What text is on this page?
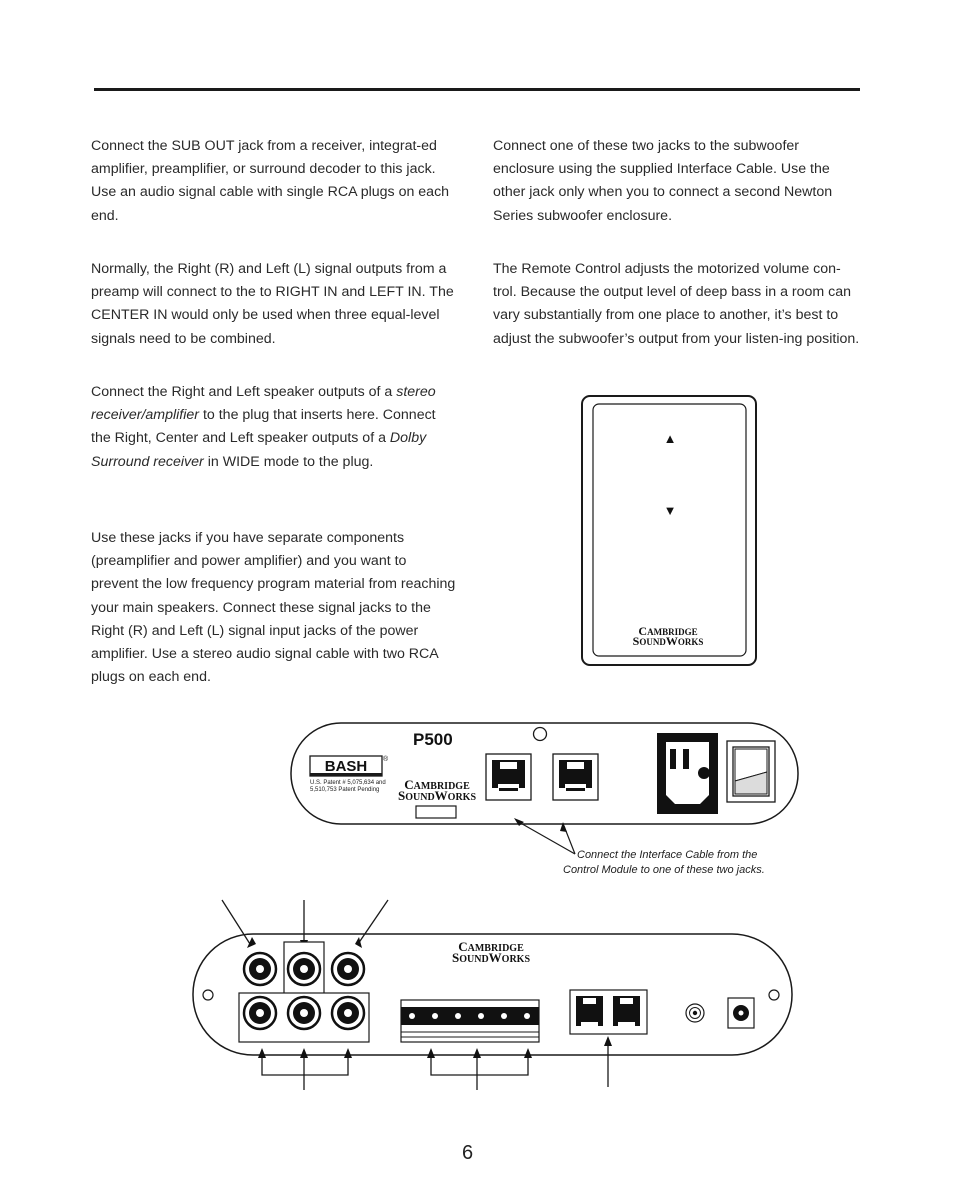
Connect the SUB OUT jack from a receiver, integrat-ed amplifier, preamplifier, or surround decoder to this jack. Use an audio signal cable with single RCA plugs on each end.

Normally, the Right (R) and Left (L) signal outputs from a preamp will connect to the to RIGHT IN and LEFT IN. The CENTER IN would only be used when three equal-level signals need to be combined.

Connect the Right and Left speaker outputs of a stereo receiver/amplifier to the plug that inserts here. Connect the Right, Center and Left speaker outputs of a Dolby Surround receiver in WIDE mode to the plug.

Use these jacks if you have separate components (preamplifier and power amplifier) and you want to prevent the low frequency program material from reaching your main speakers. Connect these signal jacks to the Right (R) and Left (L) signal input jacks of the power amplifier. Use a stereo audio signal cable with two RCA plugs on each end.

Connect one of these two jacks to the subwoofer enclosure using the supplied Interface Cable. Use the other jack only when you to connect a second Newton Series subwoofer enclosure.

The Remote Control adjusts the motorized volume con-trol. Because the output level of deep bass in a room can vary substantially from one place to another, it’s best to adjust the subwoofer’s output from your listen-ing position.

▲
▼
CAMBRIDGE
SOUNDWORKS
P500
BASH ®
U.S. Patent # 5,075,634 and
5,510,753 Patent Pending CAMBRIDGE
SOUNDWORKS
Connect the Interface Cable from the
Control Module to one of these two jacks.
CAMBRIDGE
SOUNDWORKS
6
